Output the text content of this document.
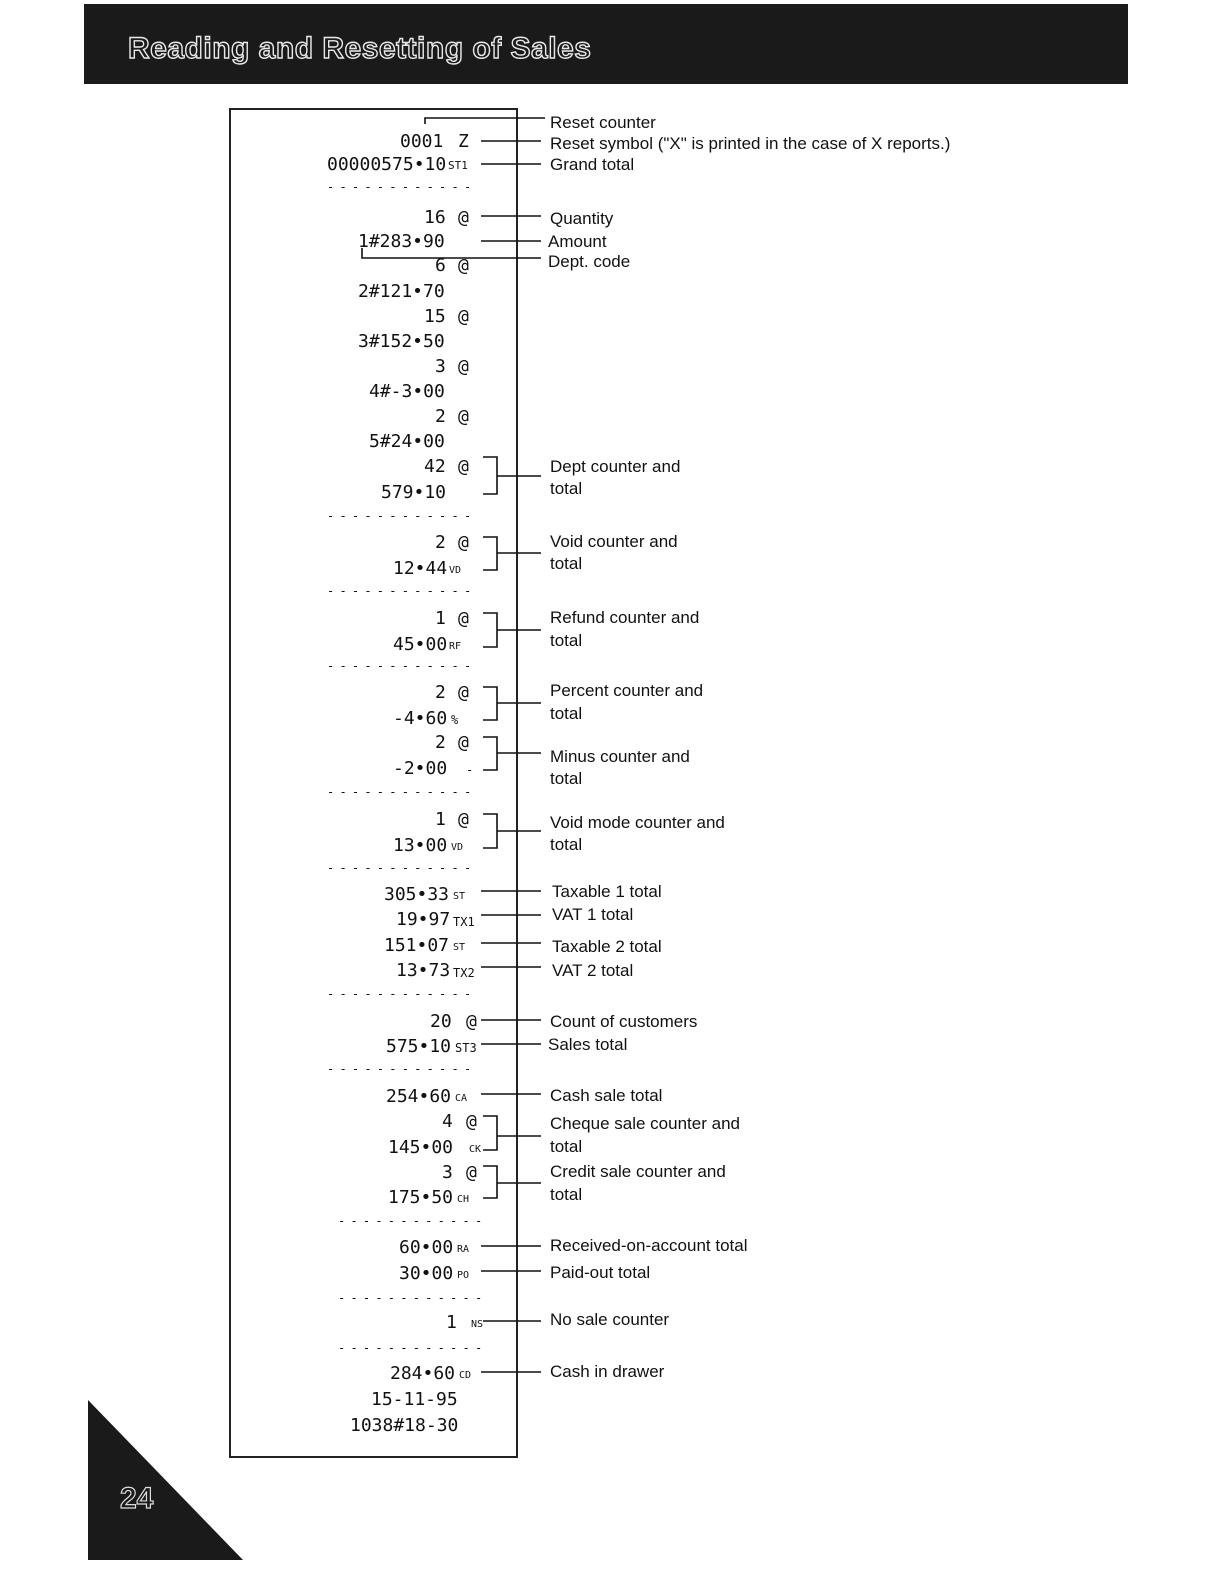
Reading and Resetting of Sales
0001 Z
00000575•10 ST1
- - - - - - - - - - - -
16 @
1#283•90
6 @
2#121•70
15 @
3#152•50
3 @
4#-3•00
2 @
5#24•00
42 @
579•10
- - - - - - - - - - - -
2 @
12•44 VD
- - - - - - - - - - - -
1 @
45•00 RF
- - - - - - - - - - - -
2 @
-4•60 %
2 @
-2•00 -
- - - - - - - - - - - -
1 @
13•00 VD
- - - - - - - - - - - -
305•33 ST
19•97 TX1
151•07 ST
13•73 TX2
- - - - - - - - - - - -
20 @
575•10 ST3
- - - - - - - - - - - -
254•60 CA
4 @
145•00 CK
3 @
175•50 CH
- - - - - - - - - - - -
60•00 RA
30•00 PO
- - - - - - - - - - - -
1 NS
- - - - - - - - - - - -
284•60 CD
15-11-95
1038#18-30
Reset counter
Reset symbol ("X" is printed in the case of X reports.)
Grand total
Quantity
Amount
Dept. code
Dept counter and
total
Void counter and
total
Refund counter and
total
Percent counter and
total
Minus counter and
total
Void mode counter and
total
Taxable 1 total
VAT 1 total
Taxable 2 total
VAT 2 total
Count of customers
Sales total
Cash sale total
Cheque sale counter and
total
Credit sale counter and
total
Received-on-account total
Paid-out total
No sale counter
Cash in drawer
24
